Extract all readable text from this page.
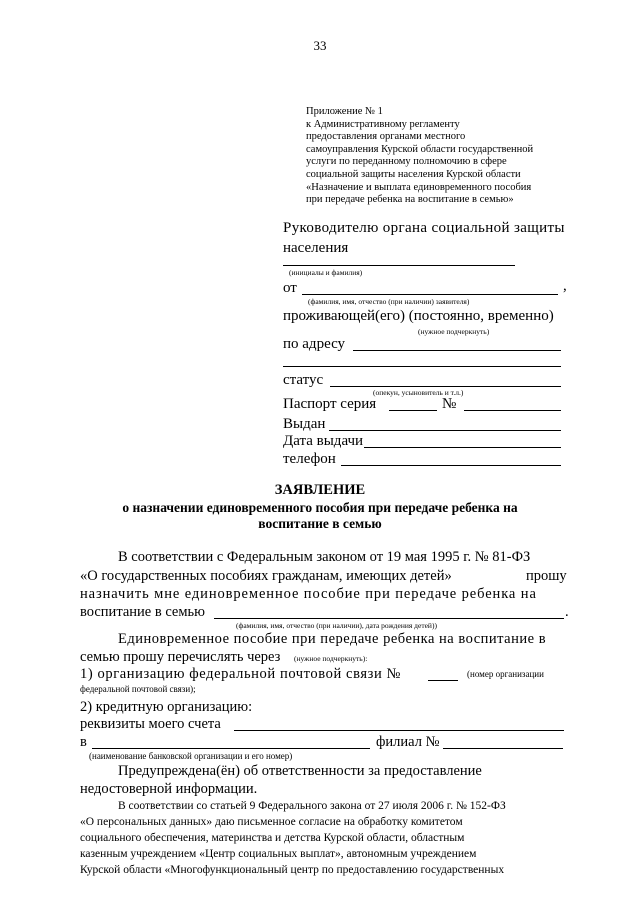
33
Приложение № 1
к Административному регламенту
предоставления органами местного
самоуправления Курской области государственной
услуги по переданному полномочию в сфере
социальной защиты населения Курской области
«Назначение и выплата единовременного пособия
при передаче ребенка на воспитание в семью»
Руководителю органа социальной защиты
населения
(инициалы и фамилия)
от	,
(фамилия, имя, отчество (при наличии) заявителя)
проживающей(его) (постоянно, временно)
(нужное подчеркнуть)
по адресу
статус
(опекун, усыновитель и т.л.)
Паспорт серия	№
Выдан
Дата выдачи
телефон
ЗАЯВЛЕНИЕ
о назначении единовременного пособия при передаче ребенка на
воспитание в семью
В соответствии с Федеральным законом от 19 мая 1995 г. № 81-ФЗ
«О государственных пособиях гражданам, имеющих детей»	прошу
назначить мне единовременное пособие при передаче ребенка на
воспитание в семью	.
(фамилия, имя, отчество (при наличии), дата рождения детей))
Единовременное пособие при передаче ребенка на воспитание в
семью прошу перечислять через (нужное подчеркнуть):
1) организацию федеральной почтовой связи №	(номер организации
федеральной почтовой связи);
2) кредитную организацию:
реквизиты моего счета
в	филиал №
(наименование банковской организации и его номер)
Предупреждена(ён) об ответственности за предоставление
недостоверной информации.
В соответствии со статьей 9 Федерального закона от 27 июля 2006 г. № 152-ФЗ
«О персональных данных» даю письменное согласие на обработку комитетом
социального обеспечения, материнства и детства Курской области, областным
казенным учреждением «Центр социальных выплат», автономным учреждением
Курской области «Многофункциональный центр по предоставлению государственных
